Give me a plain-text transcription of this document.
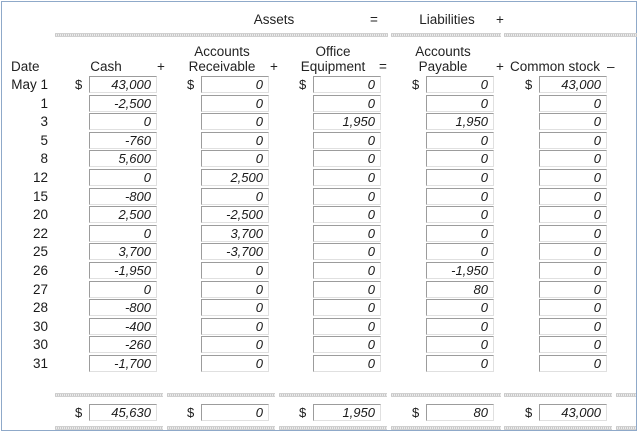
Assets	=	Liabilities	+
Date	Cash	+
Accounts
Receivable	+
Office
Equipment	=
Accounts
Payable	+ Common stock –
May 1 $	43,000	$	0	$	0	$	0	$	43,000
1	-2,500	0	0	0	0
3	0	0	1,950	1,950	0
5	-760	0	0	0	0
8	5,600	0	0	0	0
12	0	2,500	0	0	0
15	-800	0	0	0	0
20	2,500	-2,500	0	0	0
22	0	3,700	0	0	0
25	3,700	-3,700	0	0	0
26	-1,950	0	0	-1,950	0
27	0	0	0	80	0
28	-800	0	0	0	0
30	-400	0	0	0	0
30	-260	0	0	0	0
31	-1,700	0	0	0	0
$	45,630	$	0	$	1,950	$	80	$	43,000
